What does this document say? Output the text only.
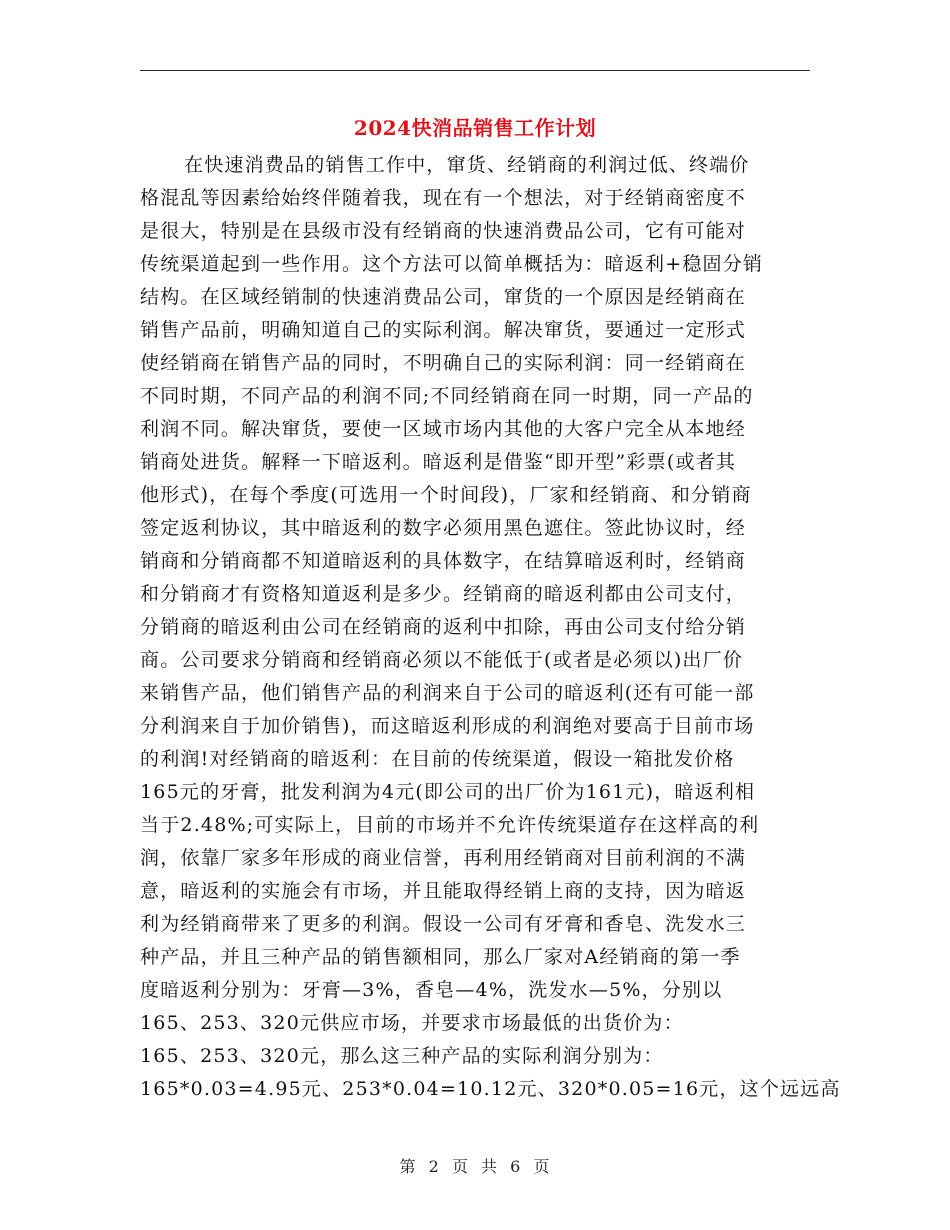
2024快消品销售工作计划
在快速消费品的销售工作中，窜货、经销商的利润过低、终端价
格混乱等因素给始终伴随着我，现在有一个想法，对于经销商密度不
是很大，特别是在县级市没有经销商的快速消费品公司，它有可能对
传统渠道起到一些作用。这个方法可以简单概括为：暗返利+稳固分销
结构。在区域经销制的快速消费品公司，窜货的一个原因是经销商在
销售产品前，明确知道自己的实际利润。解决窜货，要通过一定形式
使经销商在销售产品的同时，不明确自己的实际利润：同一经销商在
不同时期，不同产品的利润不同;不同经销商在同一时期，同一产品的
利润不同。解决窜货，要使一区域市场内其他的大客户完全从本地经
销商处进货。解释一下暗返利。暗返利是借鉴“即开型”彩票(或者其
他形式)，在每个季度(可选用一个时间段)，厂家和经销商、和分销商
签定返利协议，其中暗返利的数字必须用黑色遮住。签此协议时，经
销商和分销商都不知道暗返利的具体数字，在结算暗返利时，经销商
和分销商才有资格知道返利是多少。经销商的暗返利都由公司支付，
分销商的暗返利由公司在经销商的返利中扣除，再由公司支付给分销
商。公司要求分销商和经销商必须以不能低于(或者是必须以)出厂价
来销售产品，他们销售产品的利润来自于公司的暗返利(还有可能一部
分利润来自于加价销售)，而这暗返利形成的利润绝对要高于目前市场
的利润!对经销商的暗返利：在目前的传统渠道，假设一箱批发价格
165元的牙膏，批发利润为4元(即公司的出厂价为161元)，暗返利相
当于2.48%;可实际上，目前的市场并不允许传统渠道存在这样高的利
润，依靠厂家多年形成的商业信誉，再利用经销商对目前利润的不满
意，暗返利的实施会有市场，并且能取得经销上商的支持，因为暗返
利为经销商带来了更多的利润。假设一公司有牙膏和香皂、洗发水三
种产品，并且三种产品的销售额相同，那么厂家对A经销商的第一季
度暗返利分别为：牙膏—3%，香皂—4%，洗发水—5%，分别以
165、253、320元供应市场，并要求市场最低的出货价为：
165、253、320元，那么这三种产品的实际利润分别为：
165*0.03=4.95元、253*0.04=10.12元、320*0.05=16元，这个远远高
第 2 页 共 6 页
